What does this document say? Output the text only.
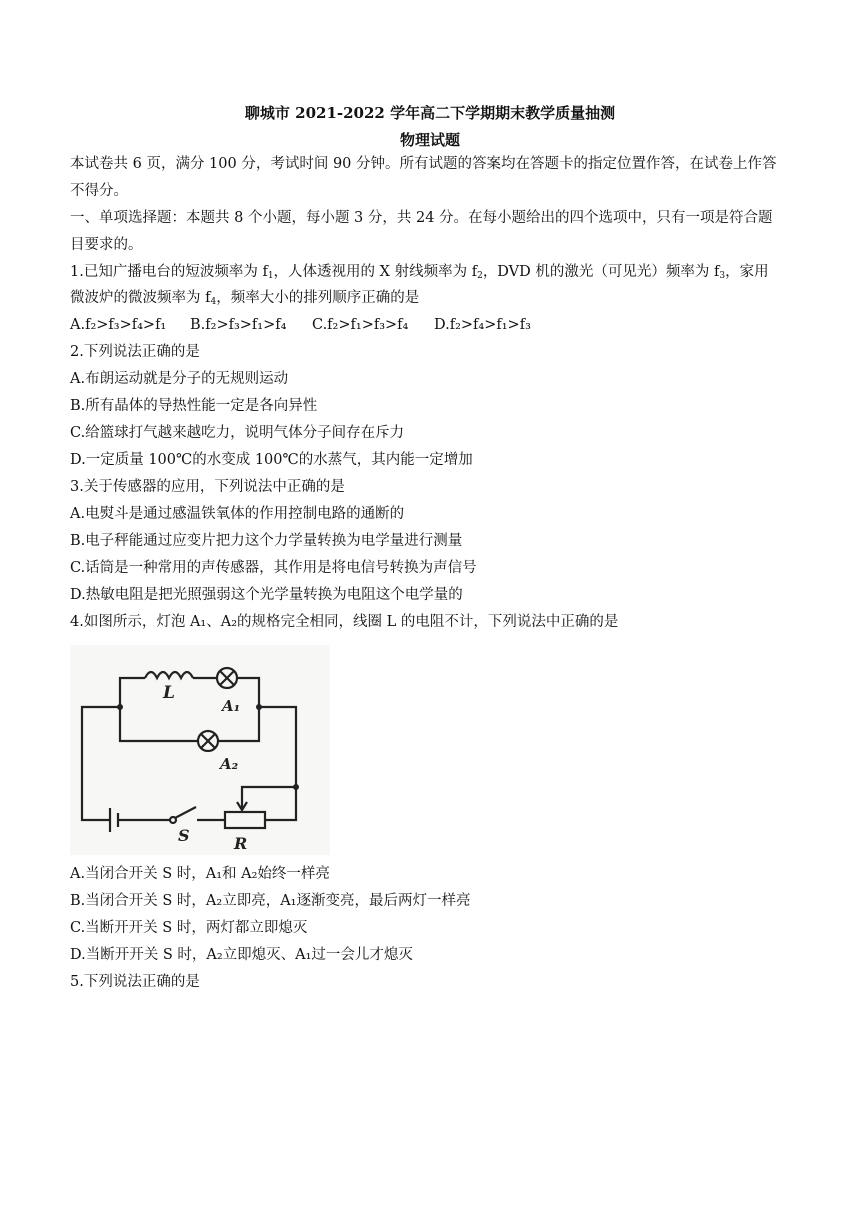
聊城市 2021-2022 学年高二下学期期末教学质量抽测
物理试题
本试卷共 6 页，满分 100 分，考试时间 90 分钟。所有试题的答案均在答题卡的指定位置作答，在试卷上作答
不得分。
一、单项选择题：本题共 8 个小题，每小题 3 分，共 24 分。在每小题给出的四个选项中，只有一项是符合题
目要求的。
1.已知广播电台的短波频率为 $f_1$，人体透视用的 X 射线频率为 $f_2$，DVD 机的激光（可见光）频率为 $f_3$，家用
微波炉的微波频率为 $f_4$，频率大小的排列顺序正确的是
A.f₂>f₃>f₄>f₁ B.f₂>f₃>f₁>f₄ C.f₂>f₁>f₃>f₄ D.f₂>f₄>f₁>f₃
2.下列说法正确的是
A.布朗运动就是分子的无规则运动
B.所有晶体的导热性能一定是各向异性
C.给篮球打气越来越吃力，说明气体分子间存在斥力
D.一定质量 100℃的水变成 100℃的水蒸气，其内能一定增加
3.关于传感器的应用，下列说法中正确的是
A.电熨斗是通过感温铁氧体的作用控制电路的通断的
B.电子秤能通过应变片把力这个力学量转换为电学量进行测量
C.话筒是一种常用的声传感器，其作用是将电信号转换为声信号
D.热敏电阻是把光照强弱这个光学量转换为电阻这个电学量的
4.如图所示，灯泡 A₁、A₂的规格完全相同，线圈 L 的电阻不计，下列说法中正确的是
L
A₁
A₂
S	R
A.当闭合开关 S 时，A₁和 A₂始终一样亮
B.当闭合开关 S 时，A₂立即亮，A₁逐渐变亮，最后两灯一样亮
C.当断开开关 S 时，两灯都立即熄灭
D.当断开开关 S 时，A₂立即熄灭、A₁过一会儿才熄灭
5.下列说法正确的是
